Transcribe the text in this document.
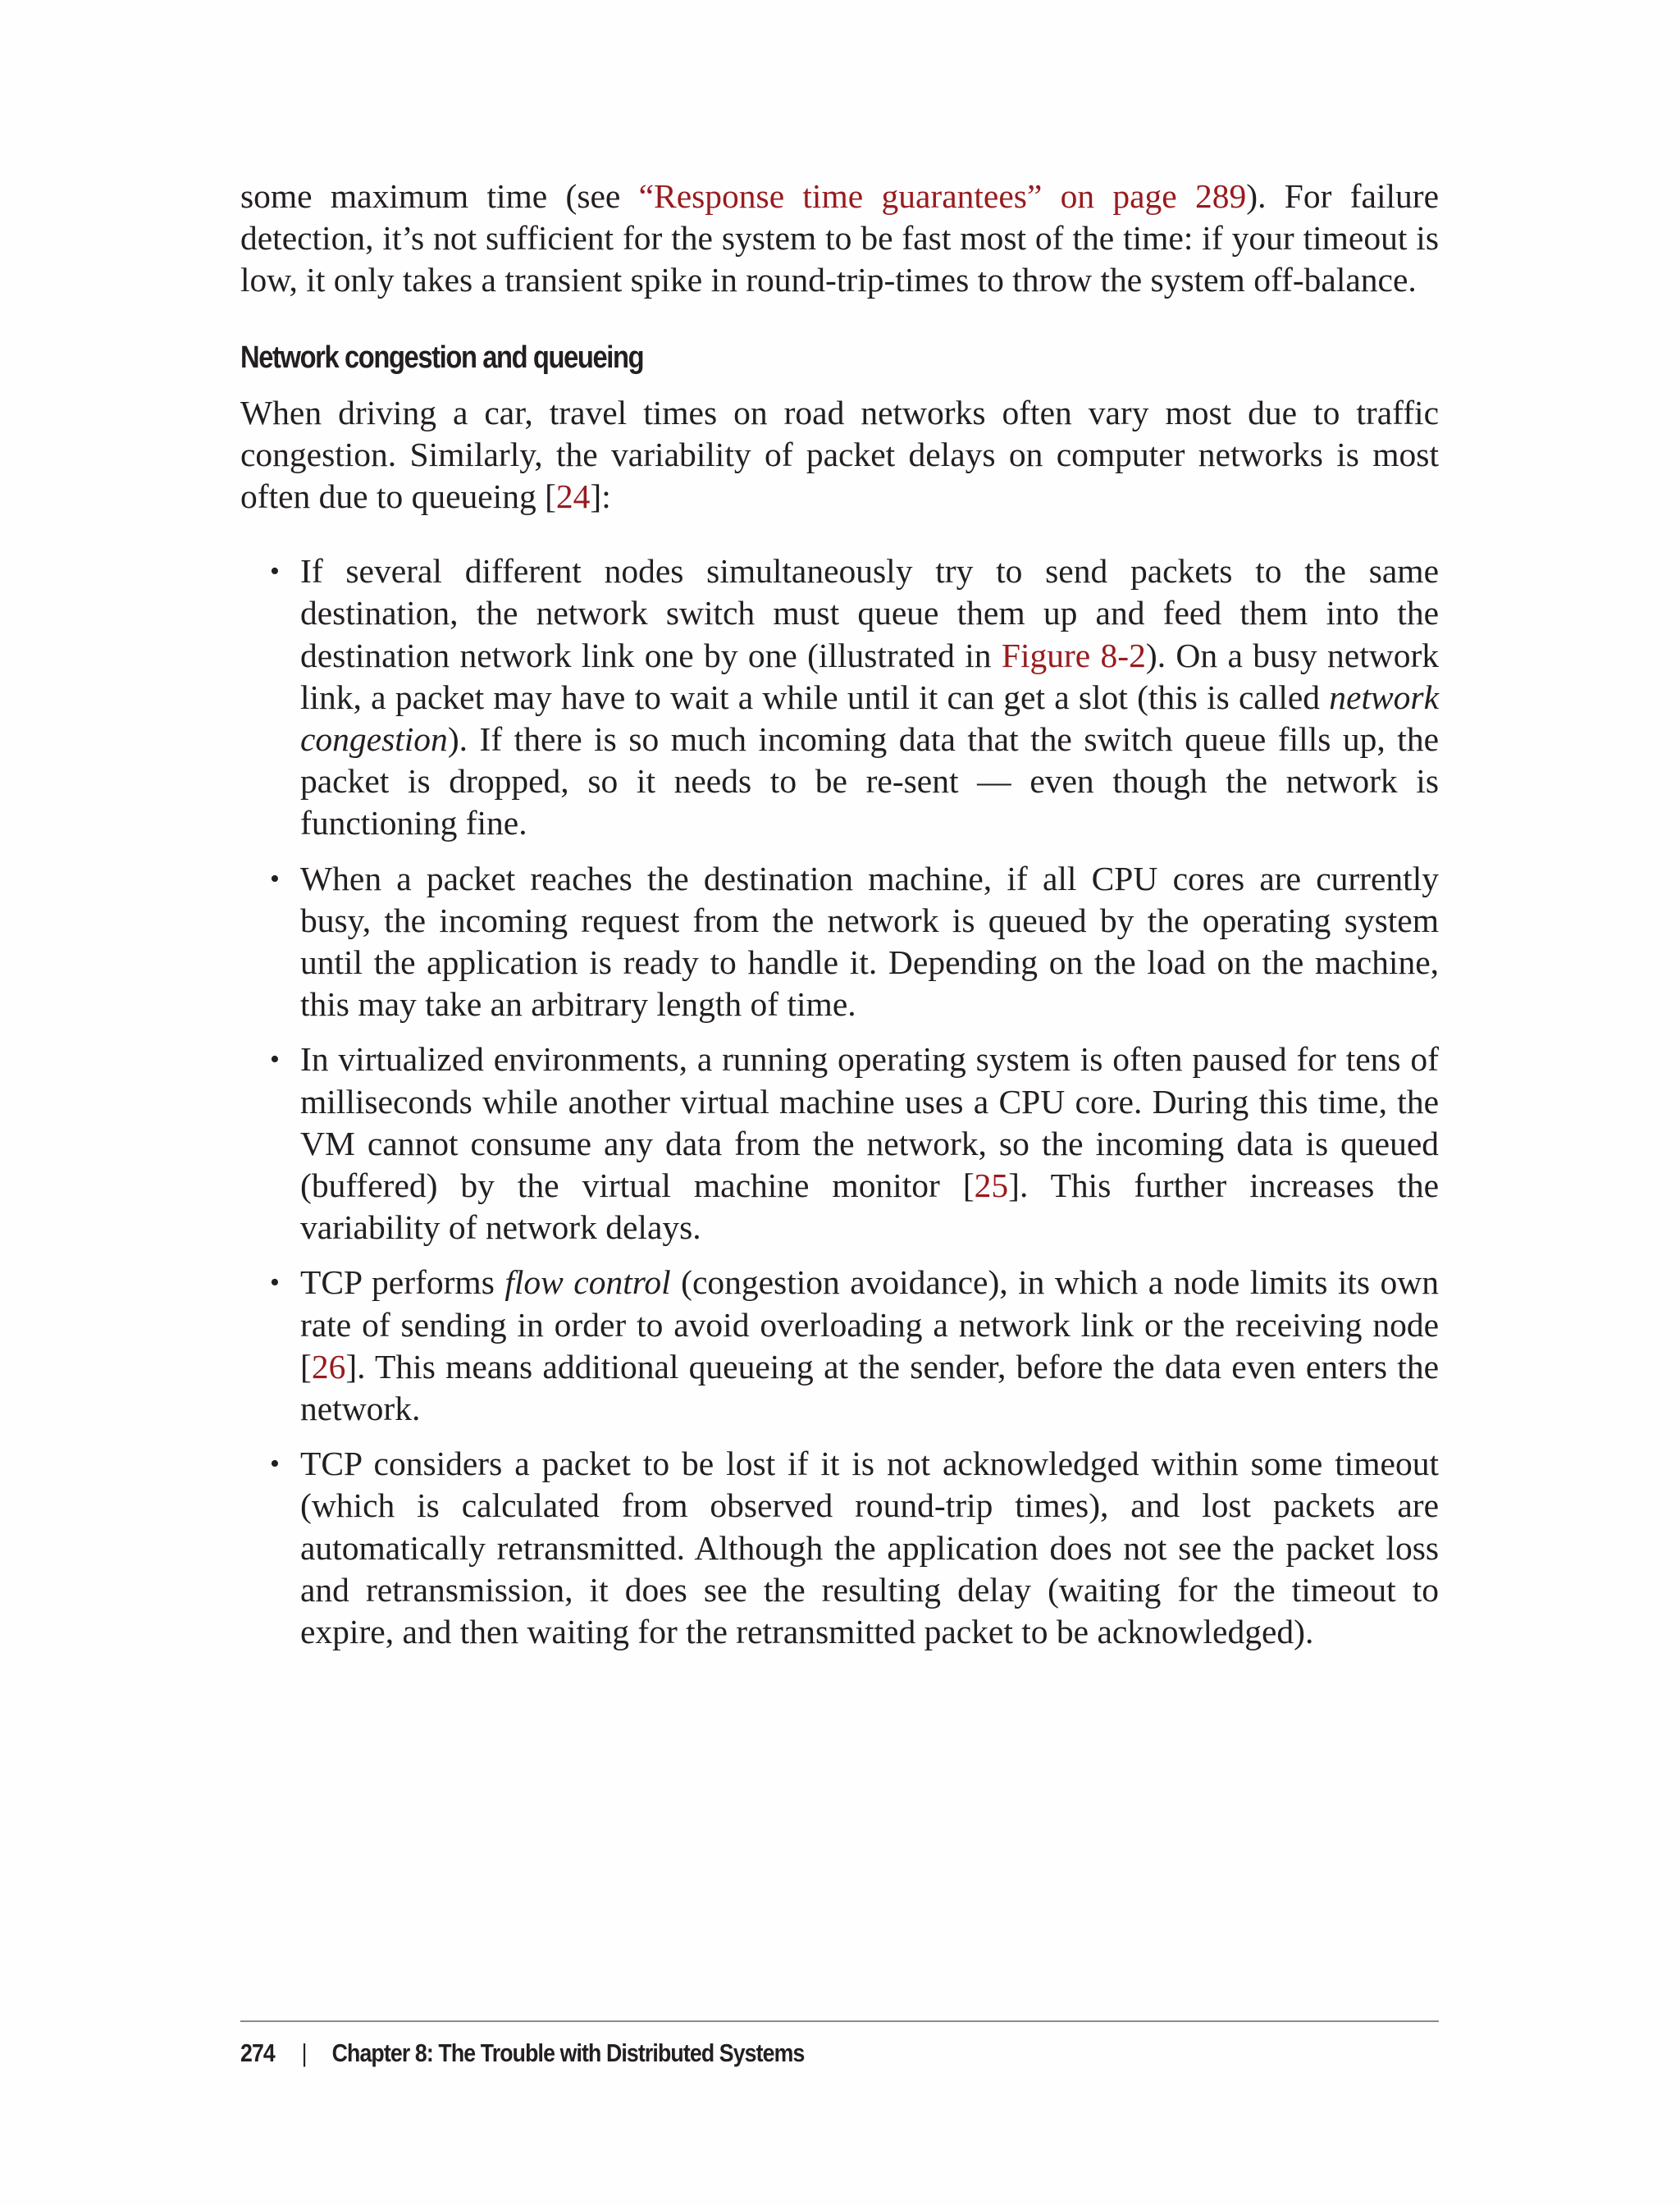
some maximum time (see “Response time guarantees” on page 289). For failure detection, it’s not sufficient for the system to be fast most of the time: if your timeout is low, it only takes a transient spike in round-trip-times to throw the system off-balance.

Network congestion and queueing

When driving a car, travel times on road networks often vary most due to traffic congestion. Similarly, the variability of packet delays on computer networks is most often due to queueing [24]:

• If several different nodes simultaneously try to send packets to the same destination, the network switch must queue them up and feed them into the destination network link one by one (illustrated in Figure 8-2). On a busy network link, a packet may have to wait a while until it can get a slot (this is called network congestion). If there is so much incoming data that the switch queue fills up, the packet is dropped, so it needs to be re-sent — even though the network is functioning fine.
• When a packet reaches the destination machine, if all CPU cores are currently busy, the incoming request from the network is queued by the operating system until the application is ready to handle it. Depending on the load on the machine, this may take an arbitrary length of time.
• In virtualized environments, a running operating system is often paused for tens of milliseconds while another virtual machine uses a CPU core. During this time, the VM cannot consume any data from the network, so the incoming data is queued (buffered) by the virtual machine monitor [25]. This further increases the variability of network delays.
• TCP performs flow control (congestion avoidance), in which a node limits its own rate of sending in order to avoid overloading a network link or the receiving node [26]. This means additional queueing at the sender, before the data even enters the network.
• TCP considers a packet to be lost if it is not acknowledged within some timeout (which is calculated from observed round-trip times), and lost packets are automatically retransmitted. Although the application does not see the packet loss and retransmission, it does see the resulting delay (waiting for the timeout to expire, and then waiting for the retransmitted packet to be acknowledged).
274 | Chapter 8: The Trouble with Distributed Systems
